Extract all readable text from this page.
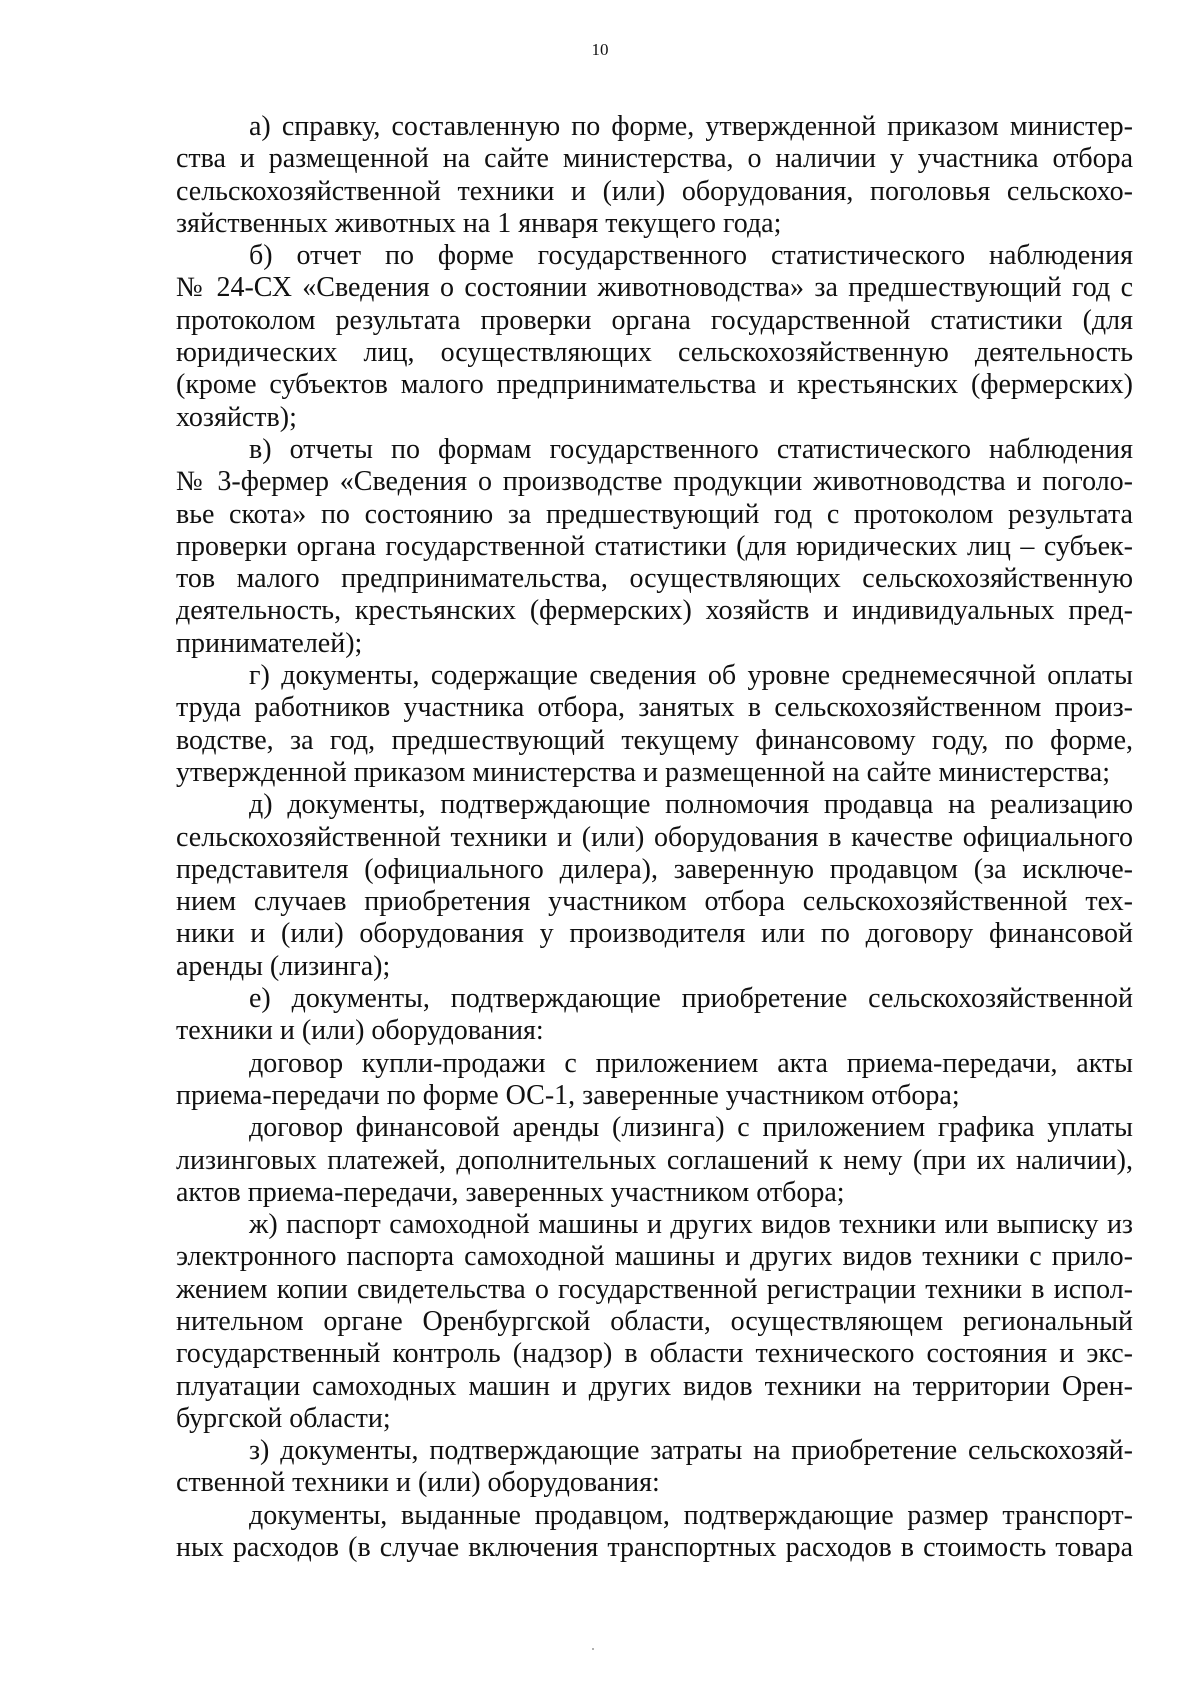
10
а) справку, составленную по форме, утвержденной приказом министер-
ства и размещенной на сайте министерства, о наличии у участника отбора
сельскохозяйственной техники и (или) оборудования, поголовья сельскохо-
зяйственных животных на 1 января текущего года;
б) отчет по форме государственного статистического наблюдения
№ 24-СХ «Сведения о состоянии животноводства» за предшествующий год с
протоколом результата проверки органа государственной статистики (для
юридических лиц, осуществляющих сельскохозяйственную деятельность
(кроме субъектов малого предпринимательства и крестьянских (фермерских)
хозяйств);
в) отчеты по формам государственного статистического наблюдения
№ 3-фермер «Сведения о производстве продукции животноводства и поголо-
вье скота» по состоянию за предшествующий год с протоколом результата
проверки органа государственной статистики (для юридических лиц – субъек-
тов малого предпринимательства, осуществляющих сельскохозяйственную
деятельность, крестьянских (фермерских) хозяйств и индивидуальных пред-
принимателей);
г) документы, содержащие сведения об уровне среднемесячной оплаты
труда работников участника отбора, занятых в сельскохозяйственном произ-
водстве, за год, предшествующий текущему финансовому году, по форме,
утвержденной приказом министерства и размещенной на сайте министерства;
д) документы, подтверждающие полномочия продавца на реализацию
сельскохозяйственной техники и (или) оборудования в качестве официального
представителя (официального дилера), заверенную продавцом (за исключе-
нием случаев приобретения участником отбора сельскохозяйственной тех-
ники и (или) оборудования у производителя или по договору финансовой
аренды (лизинга);
е) документы, подтверждающие приобретение сельскохозяйственной
техники и (или) оборудования:
договор купли-продажи с приложением акта приема-передачи, акты
приема-передачи по форме ОС-1, заверенные участником отбора;
договор финансовой аренды (лизинга) с приложением графика уплаты
лизинговых платежей, дополнительных соглашений к нему (при их наличии),
актов приема-передачи, заверенных участником отбора;
ж) паспорт самоходной машины и других видов техники или выписку из
электронного паспорта самоходной машины и других видов техники с прило-
жением копии свидетельства о государственной регистрации техники в испол-
нительном органе Оренбургской области, осуществляющем региональный
государственный контроль (надзор) в области технического состояния и экс-
плуатации самоходных машин и других видов техники на территории Орен-
бургской области;
з) документы, подтверждающие затраты на приобретение сельскохозяй-
ственной техники и (или) оборудования:
документы, выданные продавцом, подтверждающие размер транспорт-
ных расходов (в случае включения транспортных расходов в стоимость товара
